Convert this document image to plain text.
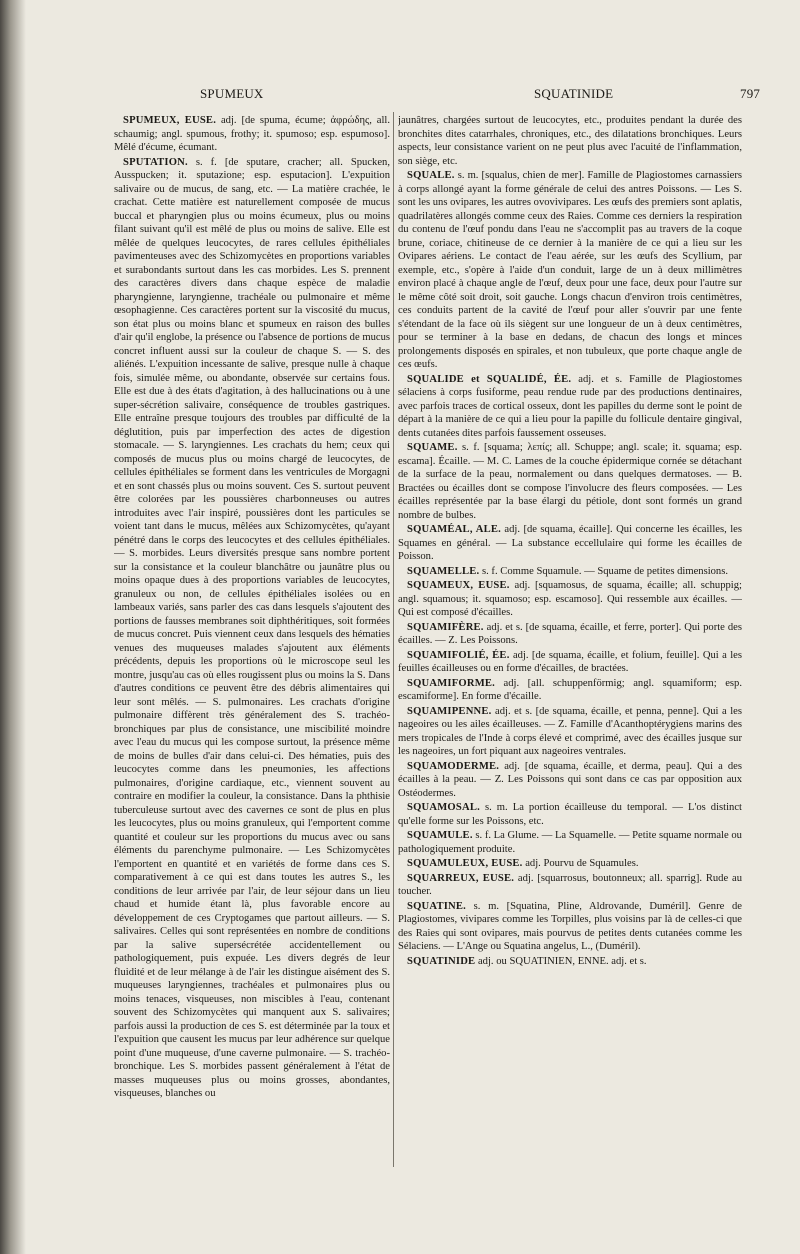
SPUMEUX	SQUATINIDE	797

SPUMEUX, EUSE. adj. [de spuma, écume; ἀφρώδης, all. schaumig; angl. spumous, frothy; it. spumoso; esp. espumoso]. Mêlé d'écume, écumant.

SPUTATION. s. f. [de sputare, cracher; all. Spucken, Ausspucken; it. sputazione; esp. esputacion]. L'expuition salivaire ou de mucus, de sang, etc. — La matière crachée, le crachat. Cette matière est naturellement composée de mucus buccal et pharyngien plus ou moins écumeux, plus ou moins filant suivant qu'il est mêlé de plus ou moins de salive. Elle est mêlée de quelques leucocytes, de rares cellules épithéliales pavimenteuses avec des Schizomycètes en proportions variables et surabondants surtout dans les cas morbides. Les S. prennent des caractères divers dans chaque espèce de maladie pharyngienne, laryngienne, trachéale ou pulmonaire et même œsophagienne. Ces caractères portent sur la viscosité du mucus, son état plus ou moins blanc et spumeux en raison des bulles d'air qu'il englobe, la présence ou l'absence de portions de mucus concret influent aussi sur la couleur de chaque S. — S. des aliénés. L'expuition incessante de salive, presque nulle à chaque fois, simulée même, ou abondante, observée sur certains fous. Elle est due à des états d'agitation, à des hallucinations ou à une super-sécrétion salivaire, conséquence de troubles gastriques. Elle entraîne presque toujours des troubles par difficulté de la déglutition, puis par imperfection des actes de digestion stomacale. — S. laryngiennes. Les crachats du hem; ceux qui composés de mucus plus ou moins chargé de leucocytes, de cellules épithéliales se forment dans les ventricules de Morgagni et en sont chassés plus ou moins souvent. Ces S. surtout peuvent être colorées par les poussières charbonneuses ou autres introduites avec l'air inspiré, poussières dont les particules se voient tant dans le mucus, mêlées aux Schizomycètes, qu'ayant pénétré dans le corps des leucocytes et des cellules épithéliales. — S. morbides. Leurs diversités presque sans nombre portent sur la consistance et la couleur blanchâtre ou jaunâtre plus ou moins opaque dues à des proportions variables de leucocytes, granuleux ou non, de cellules épithéliales isolées ou en lambeaux variés, sans parler des cas dans lesquels s'ajoutent des portions de fausses membranes soit diphthéritiques, soit formées de mucus concret. Puis viennent ceux dans lesquels des hématies venues des muqueuses malades s'ajoutent aux éléments précédents, depuis les proportions où le microscope seul les montre, jusqu'au cas où elles rougissent plus ou moins la S. Dans d'autres conditions ce peuvent être des débris alimentaires qui leur sont mêlés. — S. pulmonaires. Les crachats d'origine pulmonaire diffèrent très généralement des S. trachéo-bronchiques par plus de consistance, une miscibilité moindre avec l'eau du mucus qui les compose surtout, la présence même de moins de bulles d'air dans celui-ci. Des hématies, puis des leucocytes comme dans les pneumonies, les affections pulmonaires, d'origine cardiaque, etc., viennent souvent au contraire en modifier la couleur, la consistance. Dans la phthisie tuberculeuse surtout avec des cavernes ce sont de plus en plus les leucocytes, plus ou moins granuleux, qui l'emportent comme quantité et couleur sur les proportions du mucus avec ou sans éléments du parenchyme pulmonaire. — Les Schizomycètes l'emportent en quantité et en variétés de forme dans ces S. comparativement à ce qui est dans toutes les autres S., les conditions de leur arrivée par l'air, de leur séjour dans un lieu chaud et humide étant là, plus favorable encore au développement de ces Cryptogames que partout ailleurs. — S. salivaires. Celles qui sont représentées en nombre de conditions par la salive supersécrétée accidentellement ou pathologiquement, puis expuée. Les divers degrés de leur fluidité et de leur mélange à de l'air les distingue aisément des S. muqueuses laryngiennes, trachéales et pulmonaires plus ou moins tenaces, visqueuses, non miscibles à l'eau, contenant souvent des Schizomycètes qui manquent aux S. salivaires; parfois aussi la production de ces S. est déterminée par la toux et l'expuition que causent les mucus par leur adhérence sur quelque point d'une muqueuse, d'une caverne pulmonaire. — S. trachéo-bronchique. Les S. morbides passent généralement à l'état de masses muqueuses plus ou moins grosses, abondantes, visqueuses, blanches ou

jaunâtres, chargées surtout de leucocytes, etc., produites pendant la durée des bronchites dites catarrhales, chroniques, etc., des dilatations bronchiques. Leurs aspects, leur consistance varient on ne peut plus avec l'acuité de l'inflammation, son siège, etc.

SQUALE. s. m. [squalus, chien de mer]. Famille de Plagiostomes carnassiers à corps allongé ayant la forme générale de celui des antres Poissons. — Les S. sont les uns ovipares, les autres ovovivipares. Les œufs des premiers sont aplatis, quadrilatères allongés comme ceux des Raies. Comme ces derniers la respiration du contenu de l'œuf pondu dans l'eau ne s'accomplit pas au travers de la coque brune, coriace, chitineuse de ce dernier à la manière de ce qui a lieu sur les Ovipares aériens. Le contact de l'eau aérée, sur les œufs des Scyllium, par exemple, etc., s'opère à l'aide d'un conduit, large de un à deux millimètres environ placé à chaque angle de l'œuf, deux pour une face, deux pour l'autre sur le même côté soit droit, soit gauche. Longs chacun d'environ trois centimètres, ces conduits partent de la cavité de l'œuf pour aller s'ouvrir par une fente s'étendant de la face où ils siègent sur une longueur de un à deux centimètres, pour se terminer à la base en dedans, de chacun des longs et minces prolongements disposés en spirales, et non tubuleux, que porte chaque angle de ces œufs.

SQUALIDE et SQUALIDÉ, ÉE. adj. et s. Famille de Plagiostomes sélaciens à corps fusiforme, peau rendue rude par des productions dentinaires, avec parfois traces de cortical osseux, dont les papilles du derme sont le point de départ à la manière de ce qui a lieu pour la papille du follicule dentaire gingival, dents cutanées dites parfois faussement osseuses.

SQUAME. s. f. [squama; λεπίς; all. Schuppe; angl. scale; it. squama; esp. escama]. Écaille. — M. C. Lames de la couche épidermique cornée se détachant de la surface de la peau, normalement ou dans quelques dermatoses. — B. Bractées ou écailles dont se compose l'involucre des fleurs composées. — Les écailles représentée par la base élargi du pétiole, dont sont formés un grand nombre de bulbes.

SQUAMÉAL, ALE. adj. [de squama, écaille]. Qui concerne les écailles, les Squames en général. — La substance eccellulaire qui forme les écailles de Poisson.

SQUAMELLE. s. f. Comme Squamule. — Squame de petites dimensions.

SQUAMEUX, EUSE. adj. [squamosus, de squama, écaille; all. schuppig; angl. squamous; it. squamoso; esp. escamoso]. Qui ressemble aux écailles. — Qui est composé d'écailles.

SQUAMIFÈRE. adj. et s. [de squama, écaille, et ferre, porter]. Qui porte des écailles. — Z. Les Poissons.

SQUAMIFOLIÉ, ÉE. adj. [de squama, écaille, et folium, feuille]. Qui a les feuilles écailleuses ou en forme d'écailles, de bractées.

SQUAMIFORME. adj. [all. schuppenförmig; angl. squamiform; esp. escamiforme]. En forme d'écaille.

SQUAMIPENNE. adj. et s. [de squama, écaille, et penna, penne]. Qui a les nageoires ou les ailes écailleuses. — Z. Famille d'Acanthoptérygiens marins des mers tropicales de l'Inde à corps élevé et comprimé, avec des écailles jusque sur les nageoires, un fort piquant aux nageoires ventrales.

SQUAMODERME. adj. [de squama, écaille, et derma, peau]. Qui a des écailles à la peau. — Z. Les Poissons qui sont dans ce cas par opposition aux Ostéodermes.

SQUAMOSAL. s. m. La portion écailleuse du temporal. — L'os distinct qu'elle forme sur les Poissons, etc.

SQUAMULE. s. f. La Glume. — La Squamelle. — Petite squame normale ou pathologiquement produite.

SQUAMULEUX, EUSE. adj. Pourvu de Squamules.

SQUARREUX, EUSE. adj. [squarrosus, boutonneux; all. sparrig]. Rude au toucher.

SQUATINE. s. m. [Squatina, Pline, Aldrovande, Duméril]. Genre de Plagiostomes, vivipares comme les Torpilles, plus voisins par là de celles-ci que des Raies qui sont ovipares, mais pourvus de petites dents cutanées comme les Sélaciens. — L'Ange ou Squatina angelus, L., (Duméril).

SQUATINIDE adj. ou SQUATINIEN, ENNE. adj. et s.
